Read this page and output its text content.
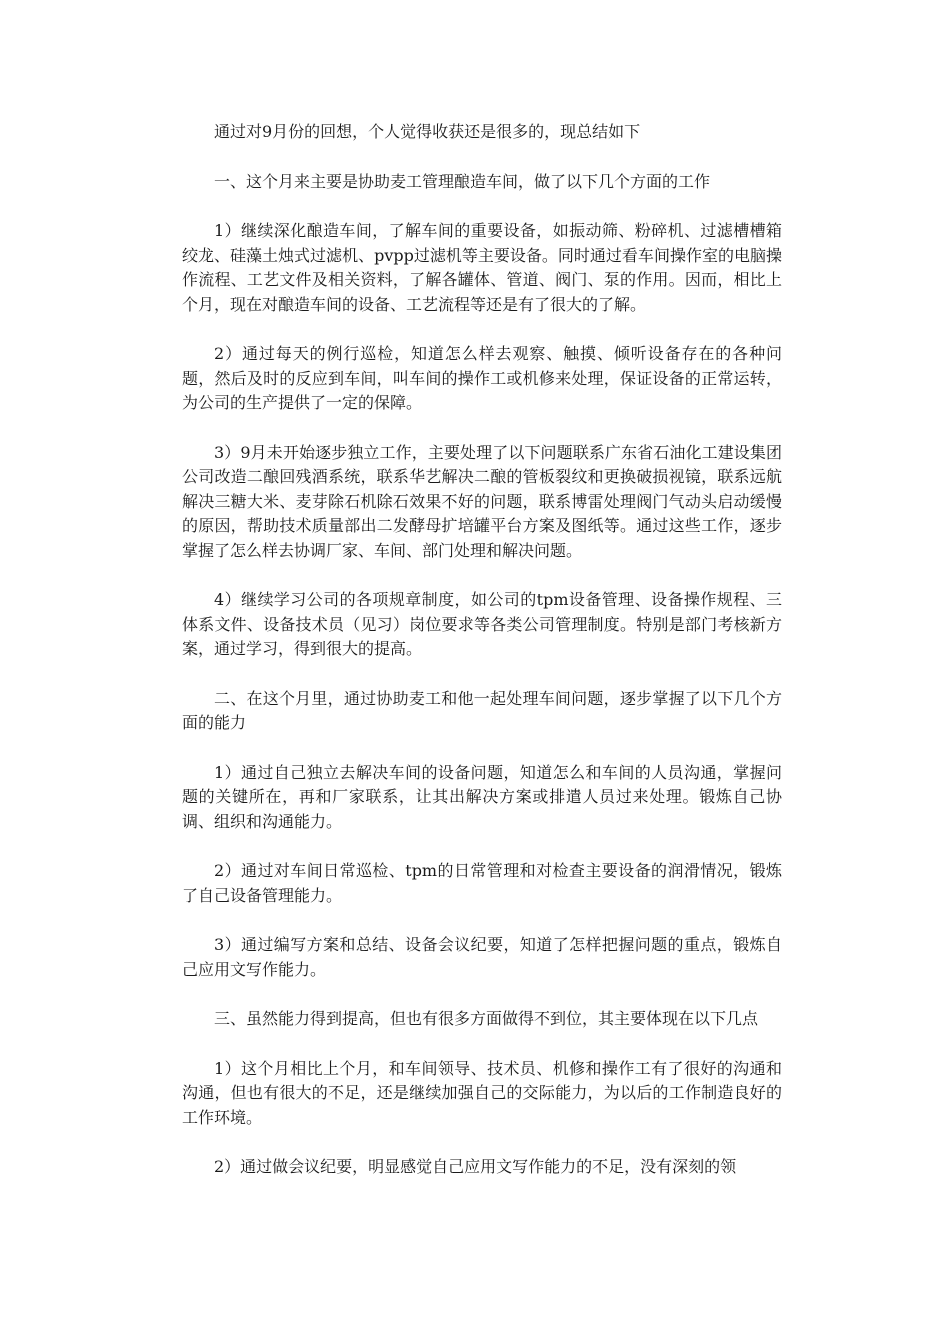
通过对9月份的回想，个人觉得收获还是很多的，现总结如下

一、这个月来主要是协助麦工管理酿造车间，做了以下几个方面的工作

1）继续深化酿造车间，了解车间的重要设备，如振动筛、粉碎机、过滤槽槽箱绞龙、硅藻土烛式过滤机、pvpp过滤机等主要设备。同时通过看车间操作室的电脑操作流程、工艺文件及相关资料，了解各罐体、管道、阀门、泵的作用。因而，相比上个月，现在对酿造车间的设备、工艺流程等还是有了很大的了解。

2）通过每天的例行巡检，知道怎么样去观察、触摸、倾听设备存在的各种问题，然后及时的反应到车间，叫车间的操作工或机修来处理，保证设备的正常运转，为公司的生产提供了一定的保障。

3）9月未开始逐步独立工作，主要处理了以下问题联系广东省石油化工建设集团公司改造二酿回残酒系统，联系华艺解决二酿的管板裂纹和更换破损视镜，联系远航解决三糖大米、麦芽除石机除石效果不好的问题，联系博雷处理阀门气动头启动缓慢的原因，帮助技术质量部出二发酵母扩培罐平台方案及图纸等。通过这些工作，逐步掌握了怎么样去协调厂家、车间、部门处理和解决问题。

4）继续学习公司的各项规章制度，如公司的tpm设备管理、设备操作规程、三体系文件、设备技术员（见习）岗位要求等各类公司管理制度。特别是部门考核新方案，通过学习，得到很大的提高。

二、在这个月里，通过协助麦工和他一起处理车间问题，逐步掌握了以下几个方面的能力

1）通过自己独立去解决车间的设备问题，知道怎么和车间的人员沟通，掌握问题的关键所在，再和厂家联系，让其出解决方案或排遣人员过来处理。锻炼自己协调、组织和沟通能力。

2）通过对车间日常巡检、tpm的日常管理和对检查主要设备的润滑情况，锻炼了自己设备管理能力。

3）通过编写方案和总结、设备会议纪要，知道了怎样把握问题的重点，锻炼自己应用文写作能力。

三、虽然能力得到提高，但也有很多方面做得不到位，其主要体现在以下几点

1）这个月相比上个月，和车间领导、技术员、机修和操作工有了很好的沟通和沟通，但也有很大的不足，还是继续加强自己的交际能力，为以后的工作制造良好的工作环境。

2）通过做会议纪要，明显感觉自己应用文写作能力的不足，没有深刻的领
